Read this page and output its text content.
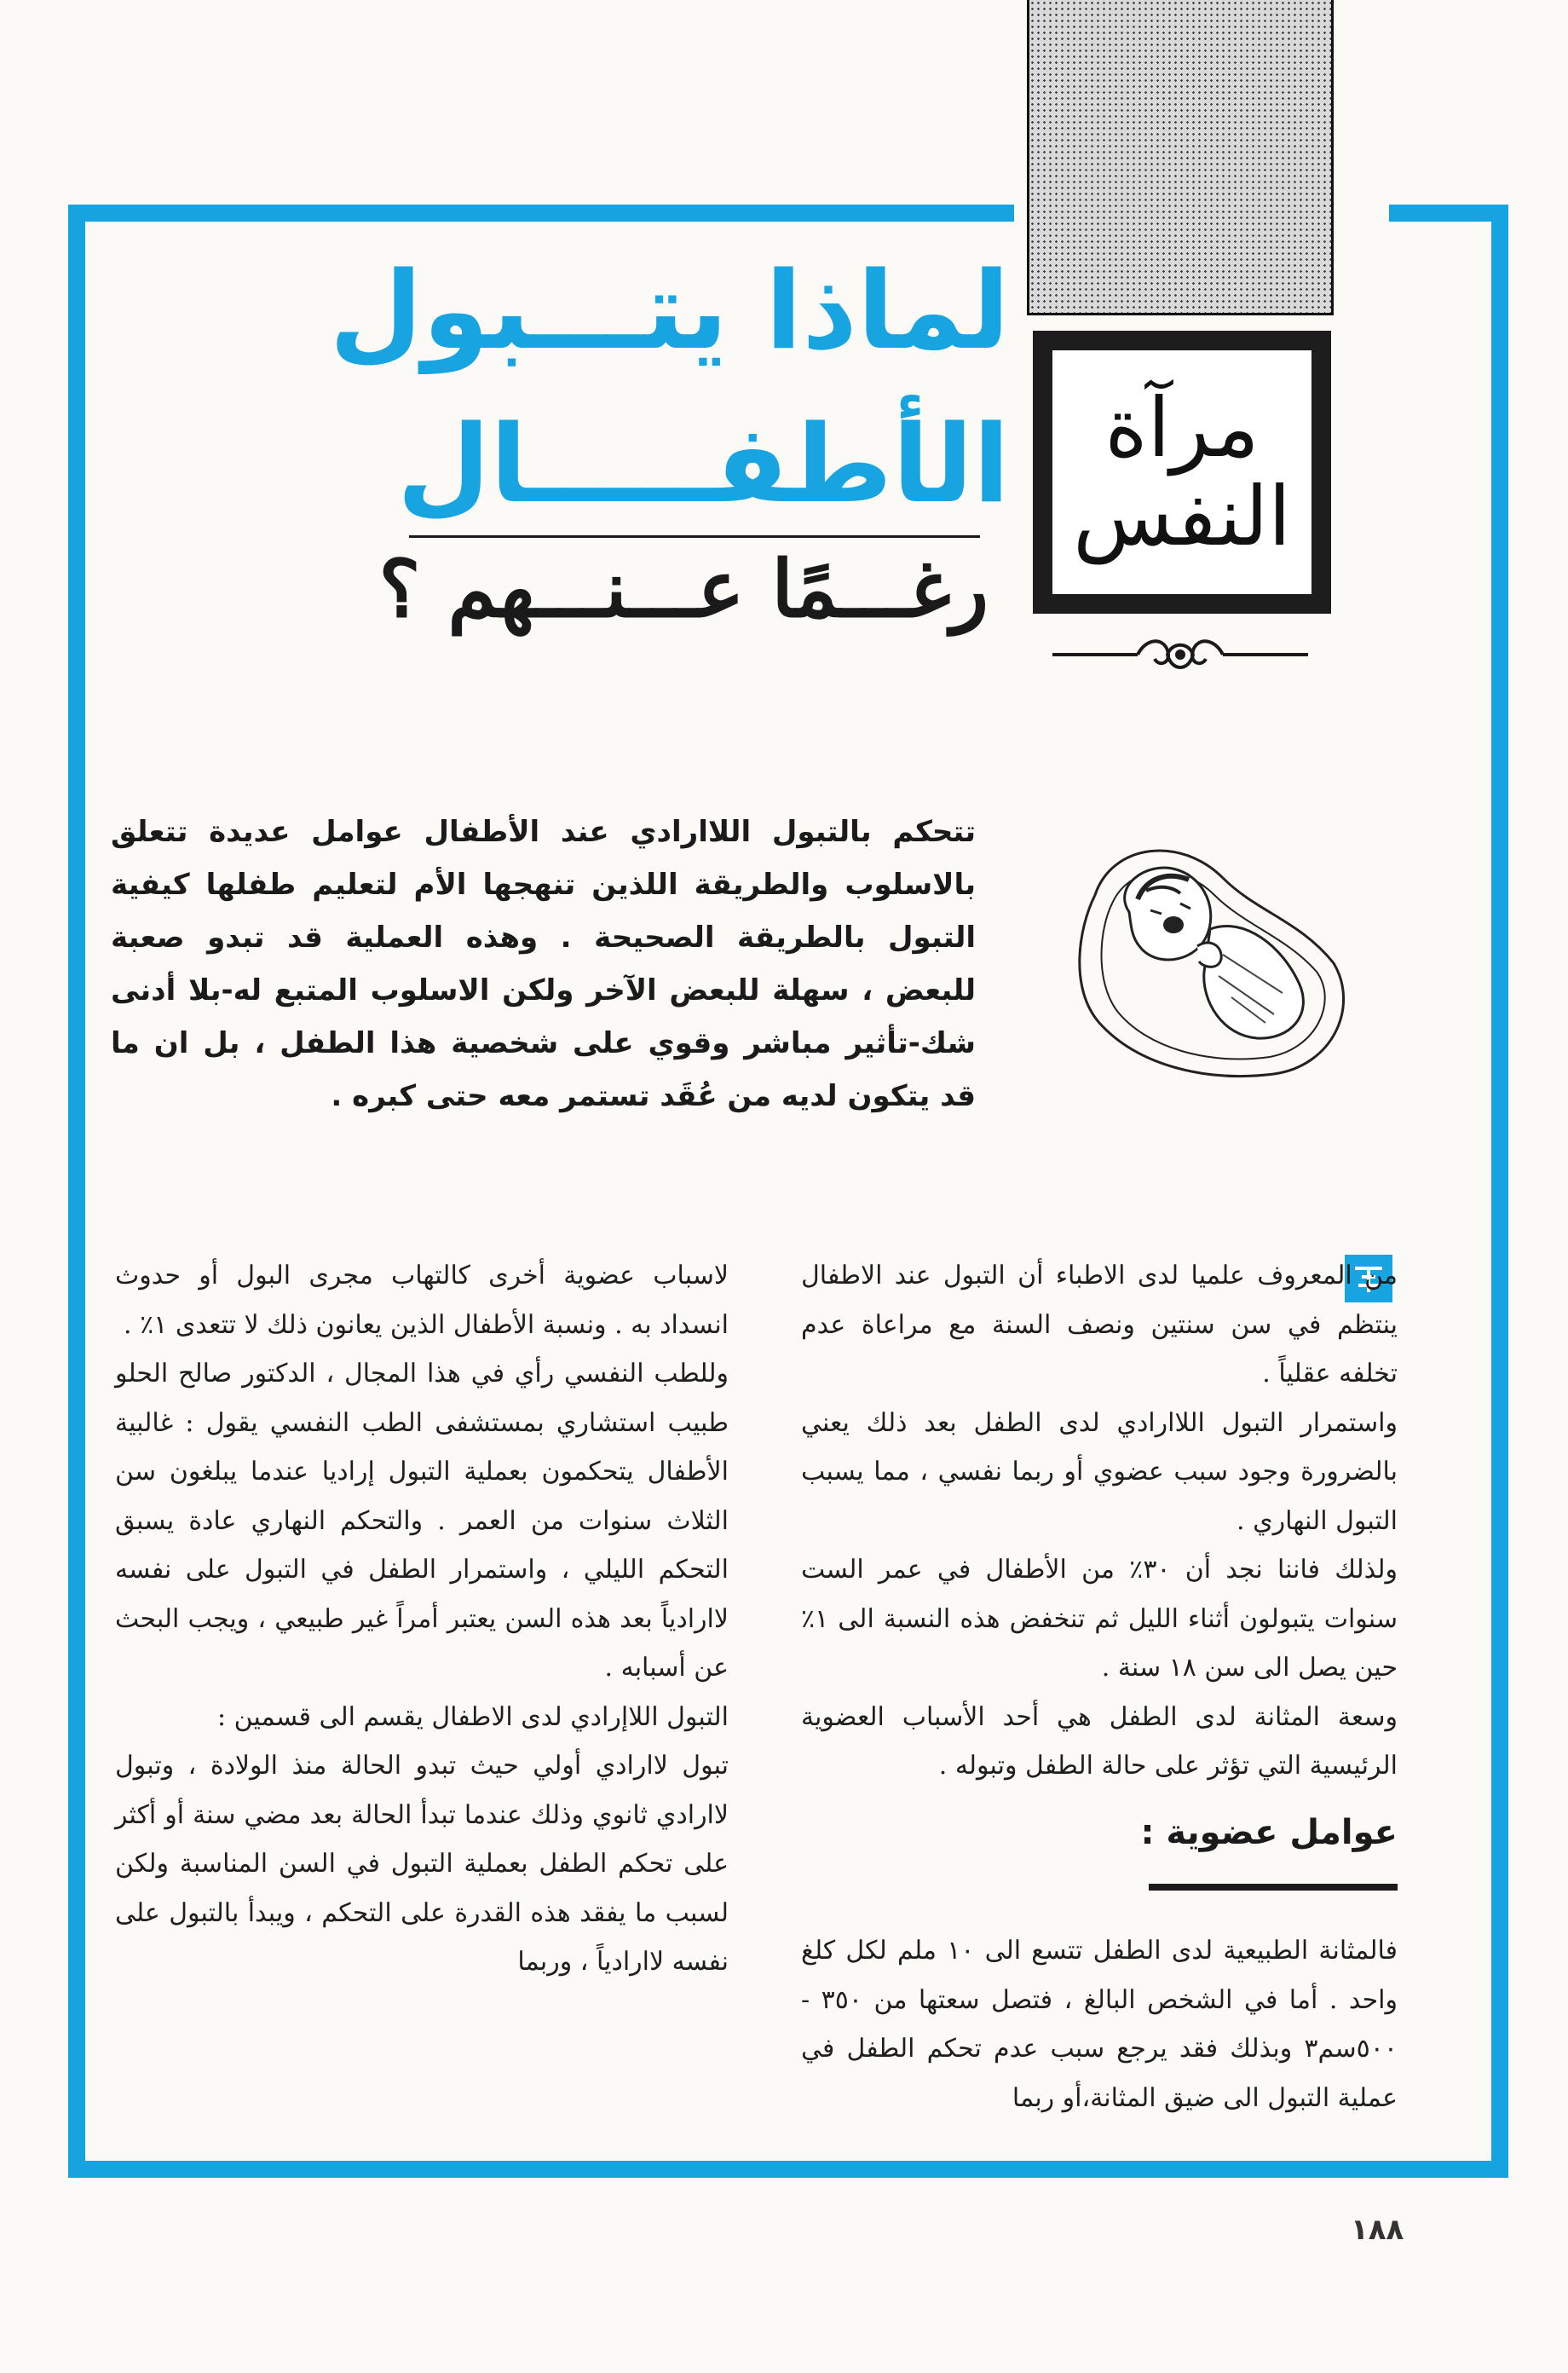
مرآة
النفس
لماذا يتـــبول
الأطفـــــال
رغـــمًا عـــنـــهم ؟
تتحكم بالتبول اللاارادي عند الأطفال عوامل عديدة تتعلق بالاسلوب والطريقة اللذين تنهجها الأم لتعليم طفلها كيفية التبول بالطريقة الصحيحة . وهذه العملية قد تبدو صعبة للبعض ، سهلة للبعض الآخر ولكن الاسلوب المتبع له-بلا أدنى شك-تأثير مباشر وقوي على شخصية هذا الطفل ، بل ان ما قد يتكون لديه من عُقَد تستمر معه حتى كبره .

من المعروف علميا لدى الاطباء أن التبول عند الاطفال ينتظم في سن سنتين ونصف السنة مع مراعاة عدم تخلفه عقلياً .

واستمرار التبول اللاارادي لدى الطفل بعد ذلك يعني بالضرورة وجود سبب عضوي أو ربما نفسي ، مما يسبب التبول النهاري .

ولذلك فاننا نجد أن ٣٠٪ من الأطفال في عمر الست سنوات يتبولون أثناء الليل ثم تنخفض هذه النسبة الى ١٪ حين يصل الى سن ١٨ سنة .

وسعة المثانة لدى الطفل هي أحد الأسباب العضوية الرئيسية التي تؤثر على حالة الطفل وتبوله .

عوامل عضوية :

فالمثانة الطبيعية لدى الطفل تتسع الى ١٠ ملم لكل كلغ واحد . أما في الشخص البالغ ، فتصل سعتها من ٣٥٠ - ٥٠٠سم٣ وبذلك فقد يرجع سبب عدم تحكم الطفل في عملية التبول الى ضيق المثانة،أو ربما

لاسباب عضوية أخرى كالتهاب مجرى البول أو حدوث انسداد به . ونسبة الأطفال الذين يعانون ذلك لا تتعدى ١٪ .

وللطب النفسي رأي في هذا المجال ، الدكتور صالح الحلو طبيب استشاري بمستشفى الطب النفسي يقول : غالبية الأطفال يتحكمون بعملية التبول إراديا عندما يبلغون سن الثلاث سنوات من العمر . والتحكم النهاري عادة يسبق التحكم الليلي ، واستمرار الطفل في التبول على نفسه لاارادياً بعد هذه السن يعتبر أمراً غير طبيعي ، ويجب البحث عن أسبابه .

التبول اللاإرادي لدى الاطفال يقسم الى قسمين :

تبول لاارادي أولي حيث تبدو الحالة منذ الولادة ، وتبول لاارادي ثانوي وذلك عندما تبدأ الحالة بعد مضي سنة أو أكثر على تحكم الطفل بعملية التبول في السن المناسبة ولكن لسبب ما يفقد هذه القدرة على التحكم ، ويبدأ بالتبول على نفسه لاارادياً ، وربما

١٨٨
